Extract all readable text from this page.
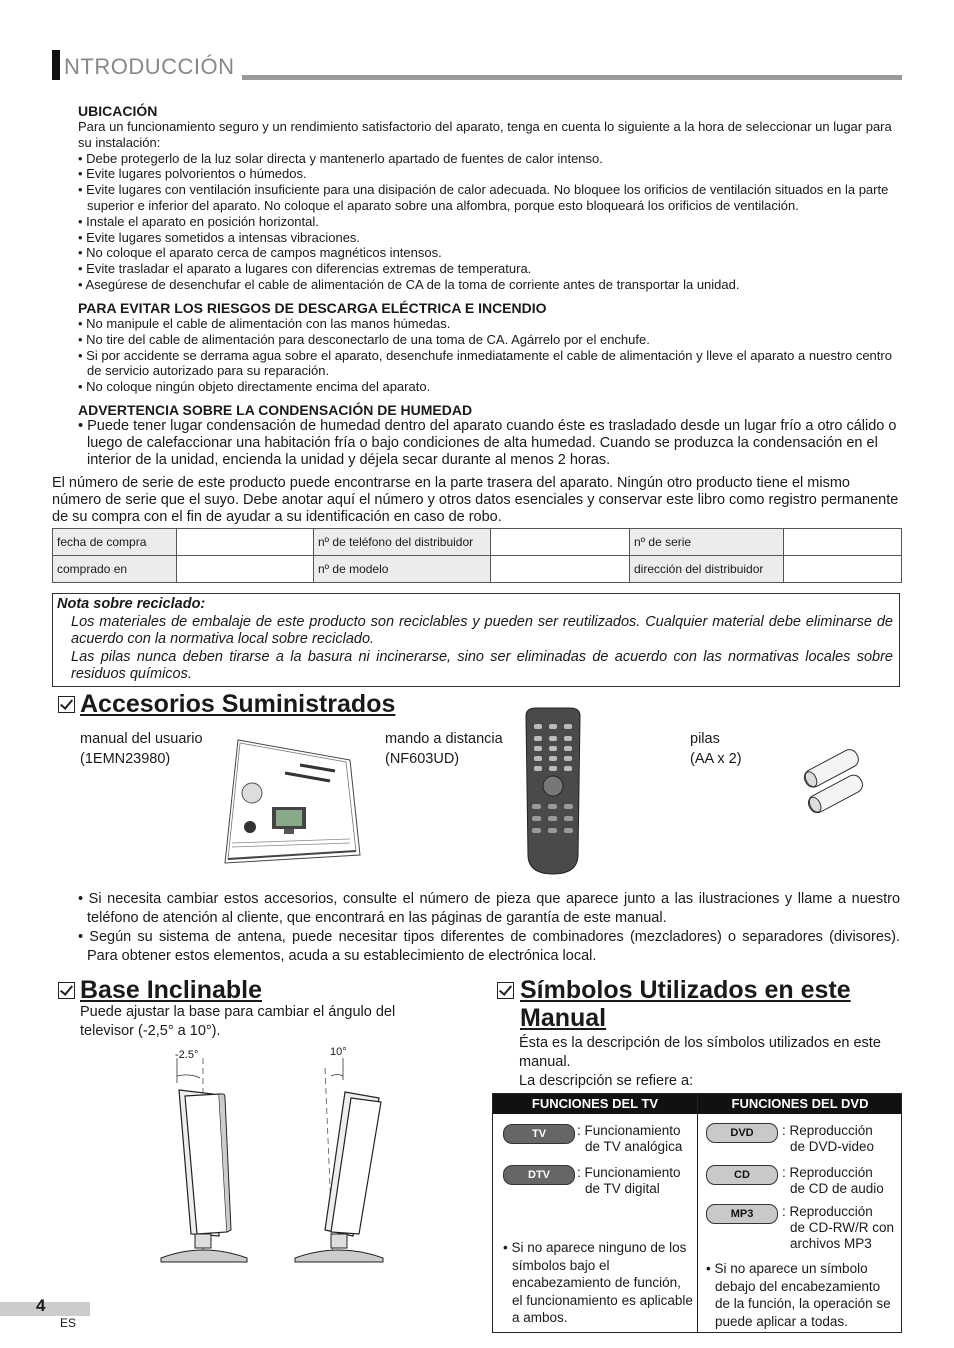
NTRODUCCIÓN
UBICACIÓN
Para un funcionamiento seguro y un rendimiento satisfactorio del aparato, tenga en cuenta lo siguiente a la hora de seleccionar un lugar para su instalación:
• Debe protegerlo de la luz solar directa y mantenerlo apartado de fuentes de calor intenso.
• Evite lugares polvorientos o húmedos.
• Evite lugares con ventilación insuficiente para una disipación de calor adecuada. No bloquee los orificios de ventilación situados en la parte superior e inferior del aparato. No coloque el aparato sobre una alfombra, porque esto bloqueará los orificios de ventilación.
• Instale el aparato en posición horizontal.
• Evite lugares sometidos a intensas vibraciones.
• No coloque el aparato cerca de campos magnéticos intensos.
• Evite trasladar el aparato a lugares con diferencias extremas de temperatura.
• Asegúrese de desenchufar el cable de alimentación de CA de la toma de corriente antes de transportar la unidad.
PARA EVITAR LOS RIESGOS DE DESCARGA ELÉCTRICA E INCENDIO
• No manipule el cable de alimentación con las manos húmedas.
• No tire del cable de alimentación para desconectarlo de una toma de CA. Agárrelo por el enchufe.
• Si por accidente se derrama agua sobre el aparato, desenchufe inmediatamente el cable de alimentación y lleve el aparato a nuestro centro de servicio autorizado para su reparación.
• No coloque ningún objeto directamente encima del aparato.
ADVERTENCIA SOBRE LA CONDENSACIÓN DE HUMEDAD
• Puede tener lugar condensación de humedad dentro del aparato cuando éste es trasladado desde un lugar frío a otro cálido o luego de calefaccionar una habitación fría o bajo condiciones de alta humedad. Cuando se produzca la condensación en el interior de la unidad, encienda la unidad y déjela secar durante al menos 2 horas.
El número de serie de este producto puede encontrarse en la parte trasera del aparato. Ningún otro producto tiene el mismo número de serie que el suyo. Debe anotar aquí el número y otros datos esenciales y conservar este libro como registro permanente de su compra con el fin de ayudar a su identificación en caso de robo.
fecha de compra		nº de teléfono del distribuidor		nº de serie	
comprado en		nº de modelo		dirección del distribuidor	
Nota sobre reciclado:
Los materiales de embalaje de este producto son reciclables y pueden ser reutilizados. Cualquier material debe eliminarse de acuerdo con la normativa local sobre reciclado.
Las pilas nunca deben tirarse a la basura ni incinerarse, sino ser eliminadas de acuerdo con las normativas locales sobre residuos químicos.
Accesorios Suministrados
manual del usuario
(1EMN23980)
mando a distancia
(NF603UD)
pilas
(AA x 2)
• Si necesita cambiar estos accesorios, consulte el número de pieza que aparece junto a las ilustraciones y llame a nuestro teléfono de atención al cliente, que encontrará en las páginas de garantía de este manual.
• Según su sistema de antena, puede necesitar tipos diferentes de combinadores (mezcladores) o separadores (divisores). Para obtener estos elementos, acuda a su establecimiento de electrónica local.
Base Inclinable
Puede ajustar la base para cambiar el ángulo del televisor (-2,5° a 10°).
-2.5°	10°
Símbolos Utilizados en este
Manual
Ésta es la descripción de los símbolos utilizados en este manual.
La descripción se refiere a:
FUNCIONES DEL TV	FUNCIONES DEL DVD
TV	: Funcionamiento
de TV analógica
DTV	: Funcionamiento
de TV digital
DVD	: Reproducción
de DVD-video
CD	: Reproducción
de CD de audio
MP3	: Reproducción
de CD-RW/R con
archivos MP3
• Si no aparece ninguno de los símbolos bajo el encabezamiento de función, el funcionamiento es aplicable a ambos.
• Si no aparece un símbolo debajo del encabezamiento de la función, la operación se puede aplicar a todas.
4
ES
